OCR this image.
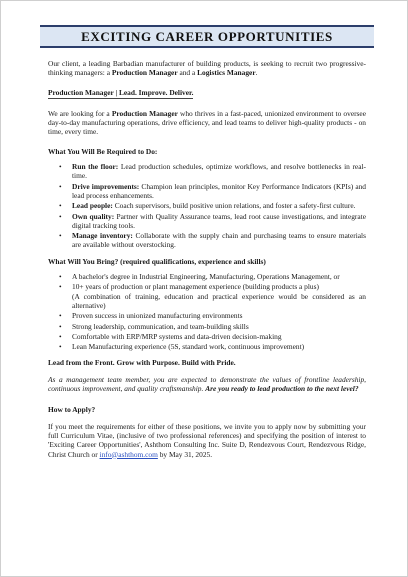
EXCITING CAREER OPPORTUNITIES

Our client, a leading Barbadian manufacturer of building products, is seeking to recruit two progressive-thinking managers: a Production Manager and a Logistics Manager.

Production Manager | Lead. Improve. Deliver.

We are looking for a Production Manager who thrives in a fast-paced, unionized environment to oversee day-to-day manufacturing operations, drive efficiency, and lead teams to deliver high-quality products - on time, every time.

What You Will Be Required to Do:

• Run the floor: Lead production schedules, optimize workflows, and resolve bottlenecks in real-time.
• Drive improvements: Champion lean principles, monitor Key Performance Indicators (KPIs) and lead process enhancements.
• Lead people: Coach supervisors, build positive union relations, and foster a safety-first culture.
• Own quality: Partner with Quality Assurance teams, lead root cause investigations, and integrate digital tracking tools.
• Manage inventory: Collaborate with the supply chain and purchasing teams to ensure materials are available without overstocking.

What Will You Bring? (required qualifications, experience and skills)

• A bachelor's degree in Industrial Engineering, Manufacturing, Operations Management, or
• 10+ years of production or plant management experience (building products a plus)
(A combination of training, education and practical experience would be considered as an alternative)
• Proven success in unionized manufacturing environments
• Strong leadership, communication, and team-building skills
• Comfortable with ERP/MRP systems and data-driven decision-making
• Lean Manufacturing experience (5S, standard work, continuous improvement)

Lead from the Front. Grow with Purpose. Build with Pride.

As a management team member, you are expected to demonstrate the values of frontline leadership, continuous improvement, and quality craftsmanship. Are you ready to lead production to the next level?

How to Apply?

If you meet the requirements for either of these positions, we invite you to apply now by submitting your full Curriculum Vitae, (inclusive of two professional references) and specifying the position of interest to 'Exciting Career Opportunities', Ashthom Consulting Inc. Suite D, Rendezvous Court, Rendezvous Ridge, Christ Church or info@ashthom.com by May 31, 2025.
